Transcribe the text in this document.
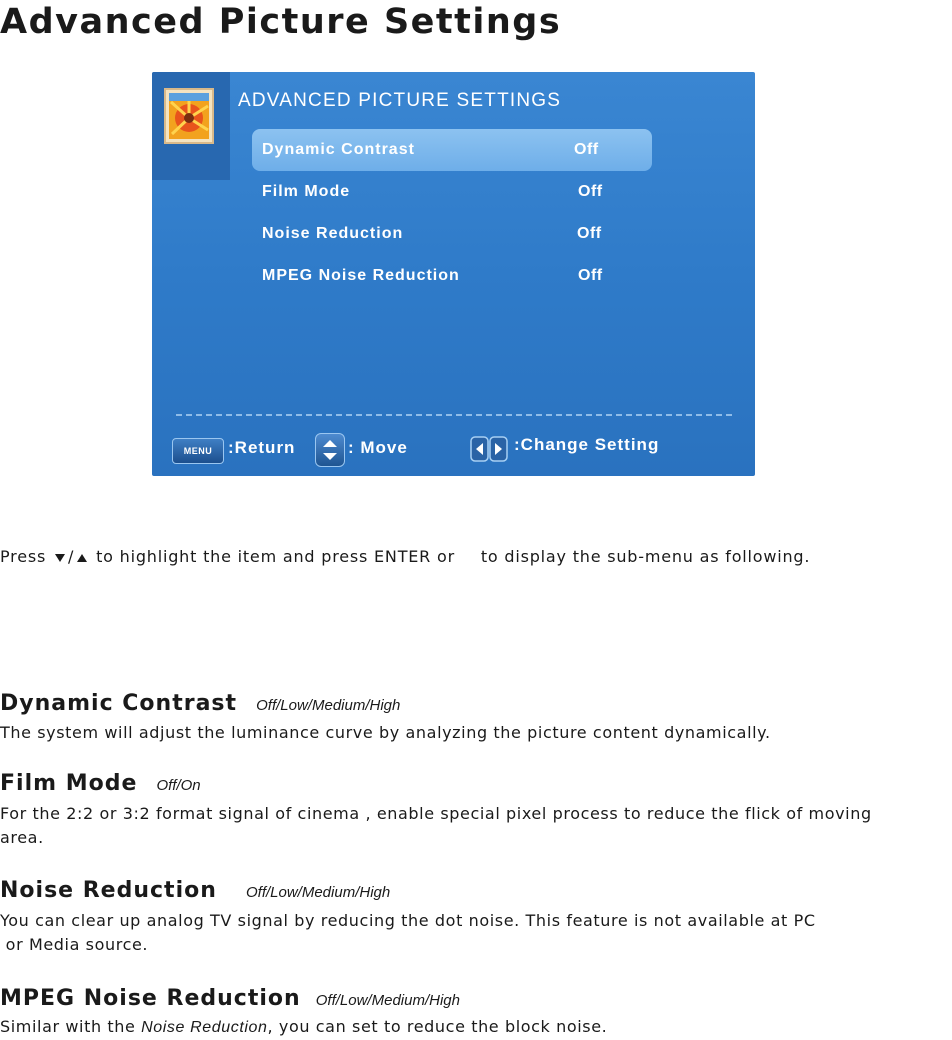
Advanced Picture Settings
ADVANCED PICTURE SETTINGS
Dynamic Contrast	Off
Film Mode	Off
Noise Reduction	Off
MPEG Noise Reduction	Off
MENU :Return	: Move	:Change Setting
Press / to highlight the item and press ENTER or to display the sub-menu as following.
Dynamic Contrast Off/Low/Medium/High
The system will adjust the luminance curve by analyzing the picture content dynamically.
Film Mode Off/On
For the 2:2 or 3:2 format signal of cinema , enable special pixel process to reduce the flick of moving
area.
Noise Reduction Off/Low/Medium/High
You can clear up analog TV signal by reducing the dot noise. This feature is not available at PC
or Media source.
MPEG Noise Reduction Off/Low/Medium/High
Similar with the Noise Reduction, you can set to reduce the block noise.
